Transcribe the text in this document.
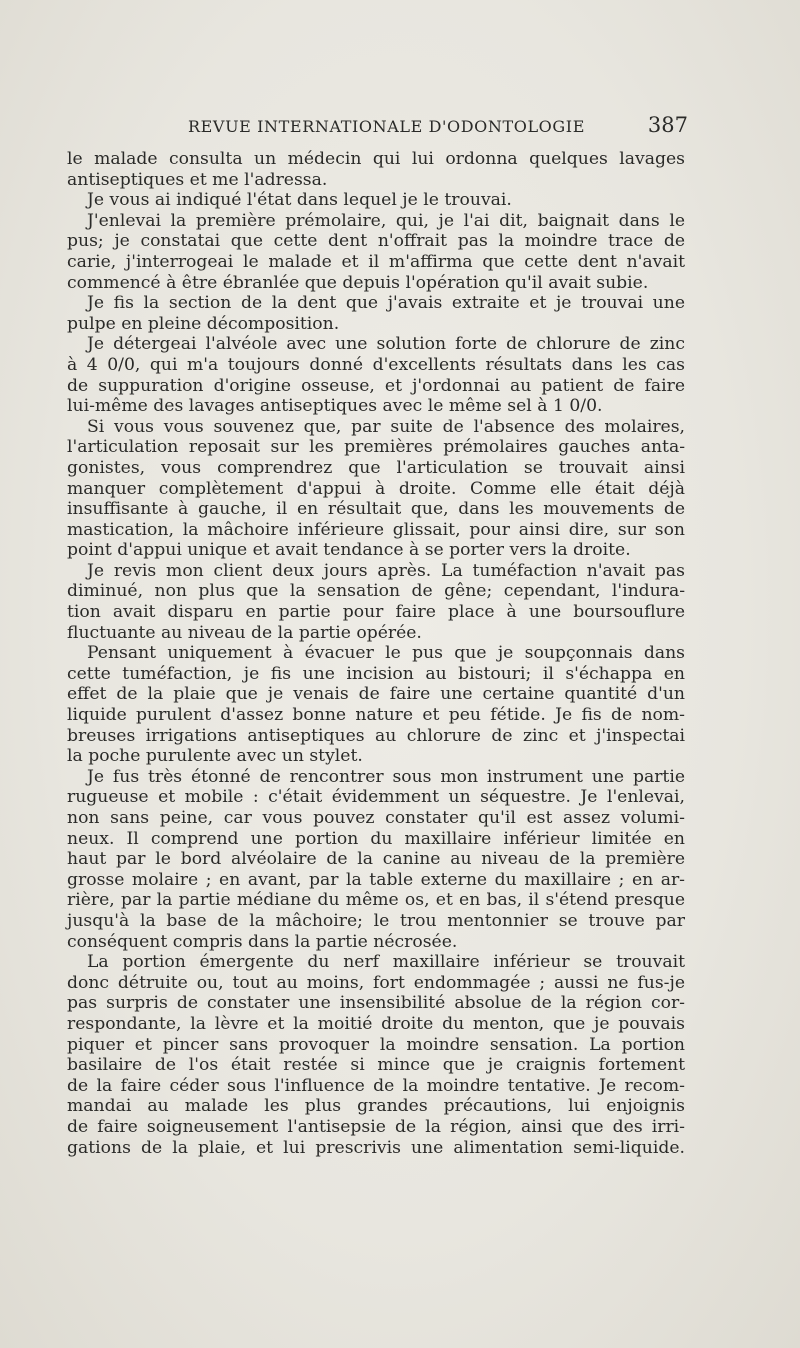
REVUE INTERNATIONALE D'ODONTOLOGIE	387
le malade consulta un médecin qui lui ordonna quelques lavages
antiseptiques et me l'adressa.
Je vous ai indiqué l'état dans lequel je le trouvai.
J'enlevai la première prémolaire, qui, je l'ai dit, baignait dans le
pus; je constatai que cette dent n'offrait pas la moindre trace de
carie, j'interrogeai le malade et il m'affirma que cette dent n'avait
commencé à être ébranlée que depuis l'opération qu'il avait subie.
Je fis la section de la dent que j'avais extraite et je trouvai une
pulpe en pleine décomposition.
Je détergeai l'alvéole avec une solution forte de chlorure de zinc
à 4 0/0, qui m'a toujours donné d'excellents résultats dans les cas
de suppuration d'origine osseuse, et j'ordonnai au patient de faire
lui-même des lavages antiseptiques avec le même sel à 1 0/0.
Si vous vous souvenez que, par suite de l'absence des molaires,
l'articulation reposait sur les premières prémolaires gauches anta-
gonistes, vous comprendrez que l'articulation se trouvait ainsi
manquer complètement d'appui à droite. Comme elle était déjà
insuffisante à gauche, il en résultait que, dans les mouvements de
mastication, la mâchoire inférieure glissait, pour ainsi dire, sur son
point d'appui unique et avait tendance à se porter vers la droite.
Je revis mon client deux jours après. La tuméfaction n'avait pas
diminué, non plus que la sensation de gêne; cependant, l'indura-
tion avait disparu en partie pour faire place à une boursouflure
fluctuante au niveau de la partie opérée.
Pensant uniquement à évacuer le pus que je soupçonnais dans
cette tuméfaction, je fis une incision au bistouri; il s'échappa en
effet de la plaie que je venais de faire une certaine quantité d'un
liquide purulent d'assez bonne nature et peu fétide. Je fis de nom-
breuses irrigations antiseptiques au chlorure de zinc et j'inspectai
la poche purulente avec un stylet.
Je fus très étonné de rencontrer sous mon instrument une partie
rugueuse et mobile : c'était évidemment un séquestre. Je l'enlevai,
non sans peine, car vous pouvez constater qu'il est assez volumi-
neux. Il comprend une portion du maxillaire inférieur limitée en
haut par le bord alvéolaire de la canine au niveau de la première
grosse molaire ; en avant, par la table externe du maxillaire ; en ar-
rière, par la partie médiane du même os, et en bas, il s'étend presque
jusqu'à la base de la mâchoire; le trou mentonnier se trouve par
conséquent compris dans la partie nécrosée.
La portion émergente du nerf maxillaire inférieur se trouvait
donc détruite ou, tout au moins, fort endommagée ; aussi ne fus-je
pas surpris de constater une insensibilité absolue de la région cor-
respondante, la lèvre et la moitié droite du menton, que je pouvais
piquer et pincer sans provoquer la moindre sensation. La portion
basilaire de l'os était restée si mince que je craignis fortement
de la faire céder sous l'influence de la moindre tentative. Je recom-
mandai au malade les plus grandes précautions, lui enjoignis
de faire soigneusement l'antisepsie de la région, ainsi que des irri-
gations de la plaie, et lui prescrivis une alimentation semi-liquide.
